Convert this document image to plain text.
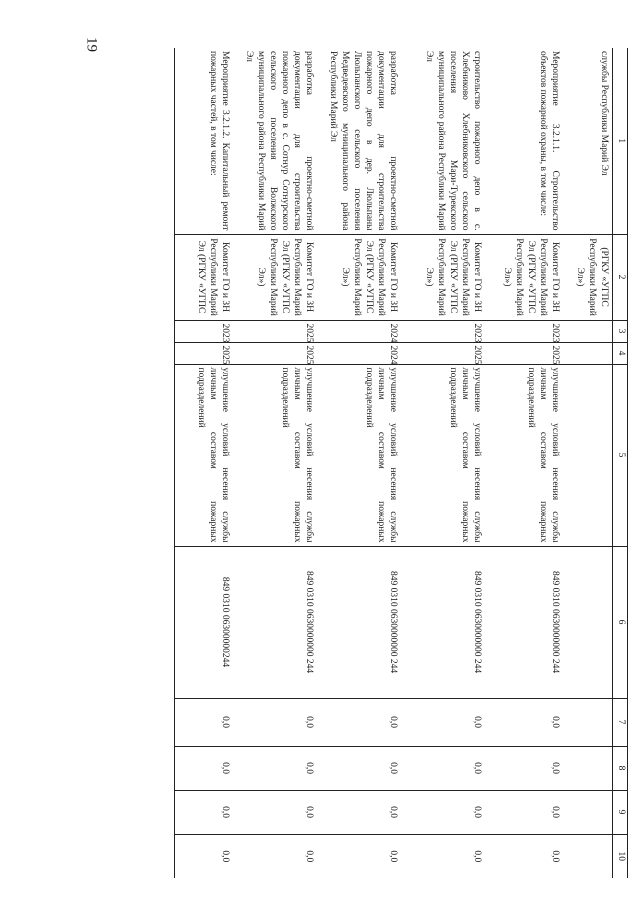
19
1	2	3	4	5	6	7	8	9	10
службы Республики Марий Эл	(РГКУ «УГПС Республики Марий Эл»)								
Мероприятие 3.2.1.1. Строительство объектов пожарной охраны, в том числе:	Комитет ГО и ЗН Республики Марий Эл (РГКУ «УГПС Республики Марий Эл»)	2023	2025	улучшение условий несения службы личным составом пожарных подразделений	849 0310 0630000000 244	0,0	0,0	0,0	0,0
строительство пожарного депо в с. Хлебниково Хлебниковского сельского поселения Мари-Турекского муниципального района Республики Марий Эл	Комитет ГО и ЗН Республики Марий Эл (РГКУ «УГПС Республики Марий Эл»)	2023	2025	улучшение условий несения службы личным составом пожарных подразделений	849 0310 0630000000 244	0,0	0,0	0,0	0,0
разработка проектно-сметной документации для строительства пожарного депо в дер. Люльпаны Люльпанского сельского поселения Медведевского муниципального района Республики Марий Эл	Комитет ГО и ЗН Республики Марий Эл (РГКУ «УГПС Республики Марий Эл»)	2024	2024	улучшение условий несения службы личным составом пожарных подразделений	849 0310 0630000000 244	0,0	0,0	0,0	0,0
разработка проектно-сметной документации для строительства пожарного депо в с. Сотнур Сотнурского сельского поселения Волжского муниципального района Республики Марий Эл	Комитет ГО и ЗН Республики Марий Эл (РГКУ «УГПС Республики Марий Эл»)	2025	2025	улучшение условий несения службы личным составом пожарных подразделений	849 0310 0630000000 244	0,0	0,0	0,0	0,0
Мероприятие 3.2.1.2. Капитальный ремонт пожарных частей, в том числе:	Комитет ГО и ЗН Республики Марий Эл (РГКУ «УГПС	2023	2025	улучшение условий несения службы личным составом пожарных подразделений	849 0310 06300000244	0,0	0,0	0,0	0,0
